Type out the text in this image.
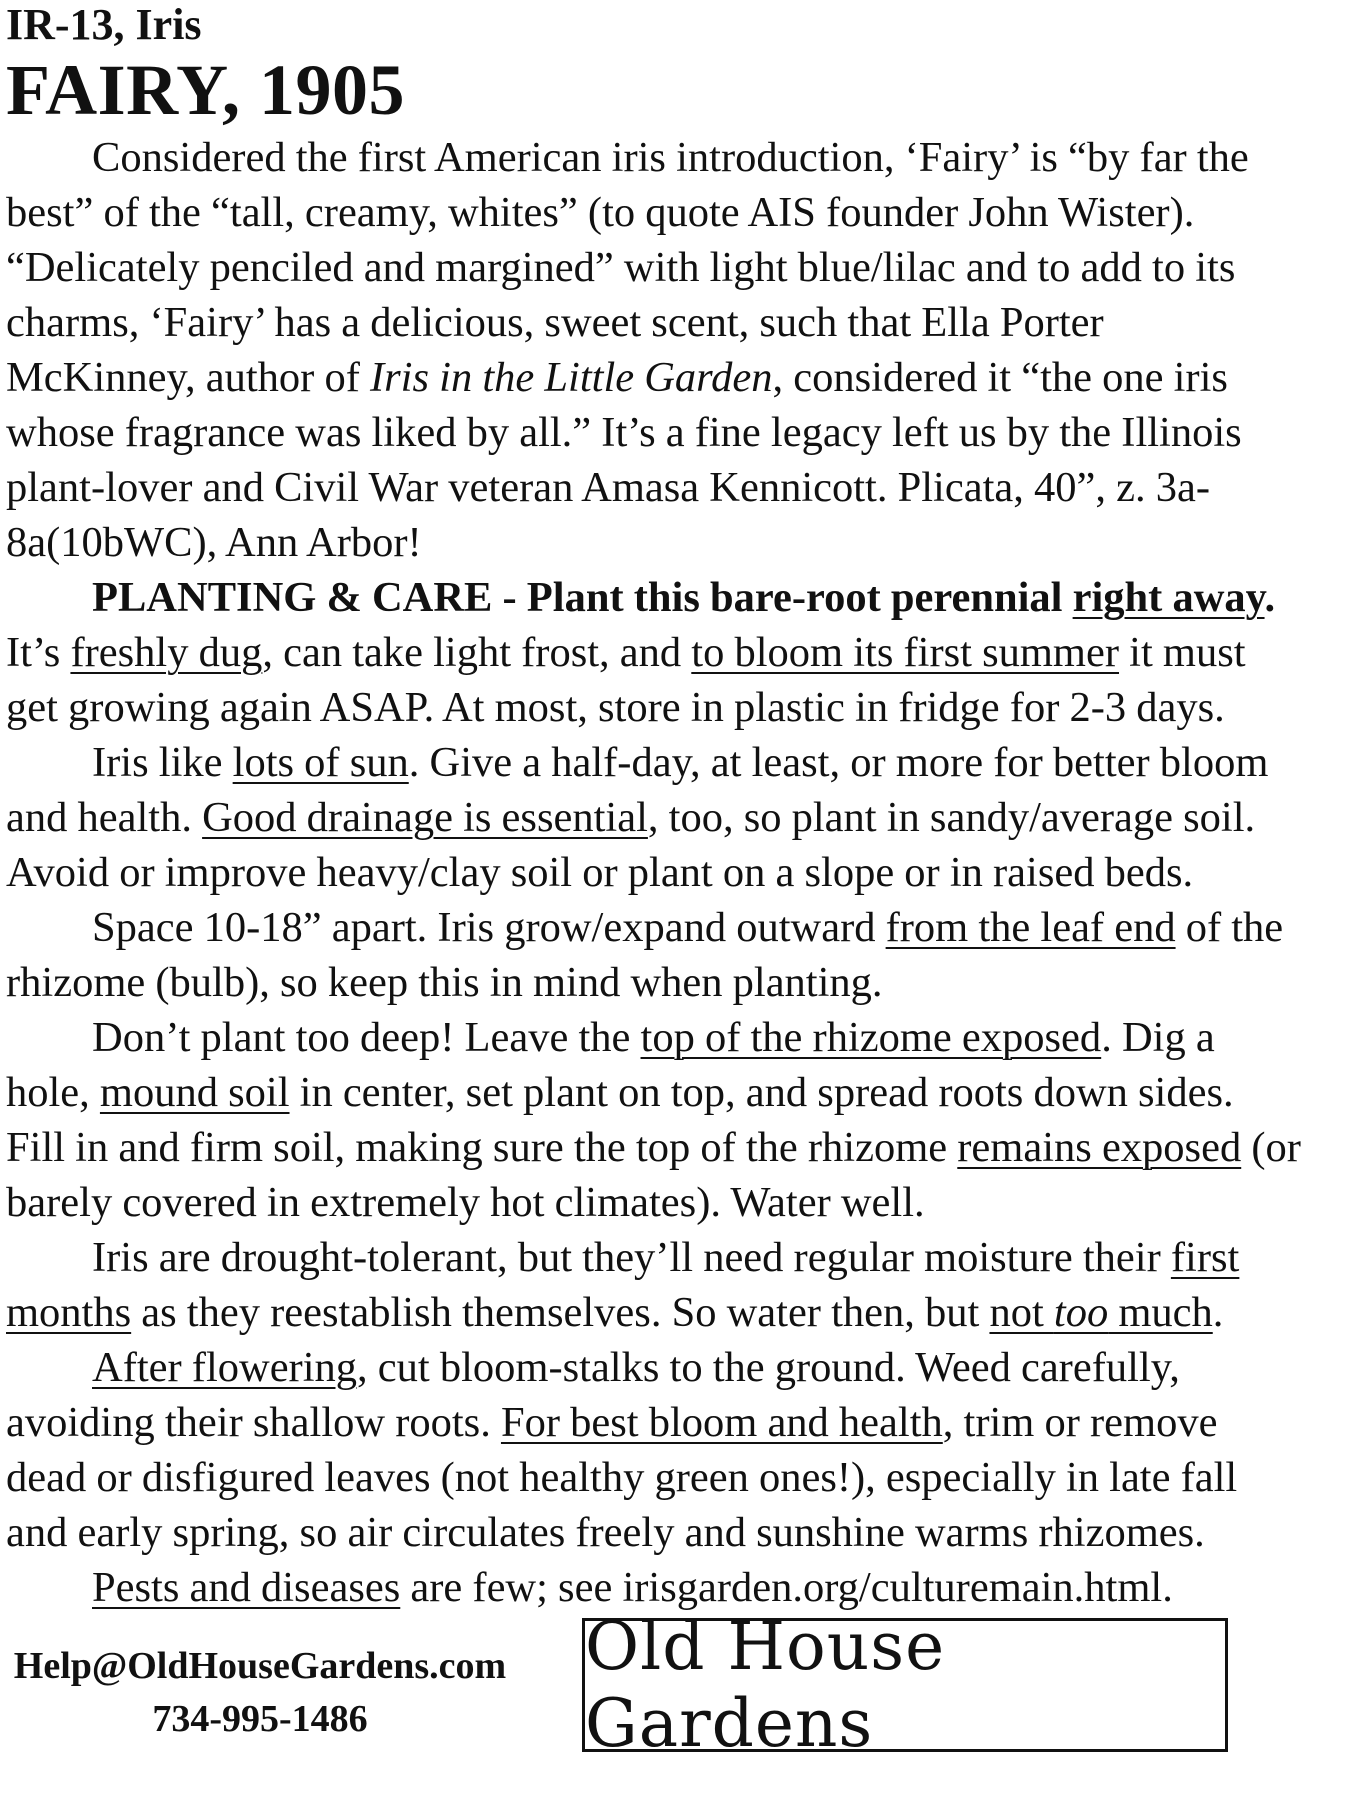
IR-13, Iris
FAIRY, 1905

Considered the first American iris introduction, ‘Fairy’ is “by far the best” of the “tall, creamy, whites” (to quote AIS founder John Wister). “Delicately penciled and margined” with light blue/lilac and to add to its charms, ‘Fairy’ has a delicious, sweet scent, such that Ella Porter McKinney, author of Iris in the Little Garden, considered it “the one iris whose fragrance was liked by all.” It’s a fine legacy left us by the Illinois plant-lover and Civil War veteran Amasa Kennicott. Plicata, 40”, z. 3a-8a(10bWC), Ann Arbor!

PLANTING & CARE - Plant this bare-root perennial right away. It’s freshly dug, can take light frost, and to bloom its first summer it must get growing again ASAP. At most, store in plastic in fridge for 2-3 days.

Iris like lots of sun. Give a half-day, at least, or more for better bloom and health. Good drainage is essential, too, so plant in sandy/average soil. Avoid or improve heavy/clay soil or plant on a slope or in raised beds.

Space 10-18” apart. Iris grow/expand outward from the leaf end of the rhizome (bulb), so keep this in mind when planting.

Don’t plant too deep! Leave the top of the rhizome exposed. Dig a hole, mound soil in center, set plant on top, and spread roots down sides. Fill in and firm soil, making sure the top of the rhizome remains exposed (or barely covered in extremely hot climates). Water well.

Iris are drought-tolerant, but they’ll need regular moisture their first months as they reestablish themselves. So water then, but not too much.

After flowering, cut bloom-stalks to the ground. Weed carefully, avoiding their shallow roots. For best bloom and health, trim or remove dead or disfigured leaves (not healthy green ones!), especially in late fall and early spring, so air circulates freely and sunshine warms rhizomes.

Pests and diseases are few; see irisgarden.org/culturemain.html.

Help@OldHouseGardens.com
734-995-1486
Old House Gardens
